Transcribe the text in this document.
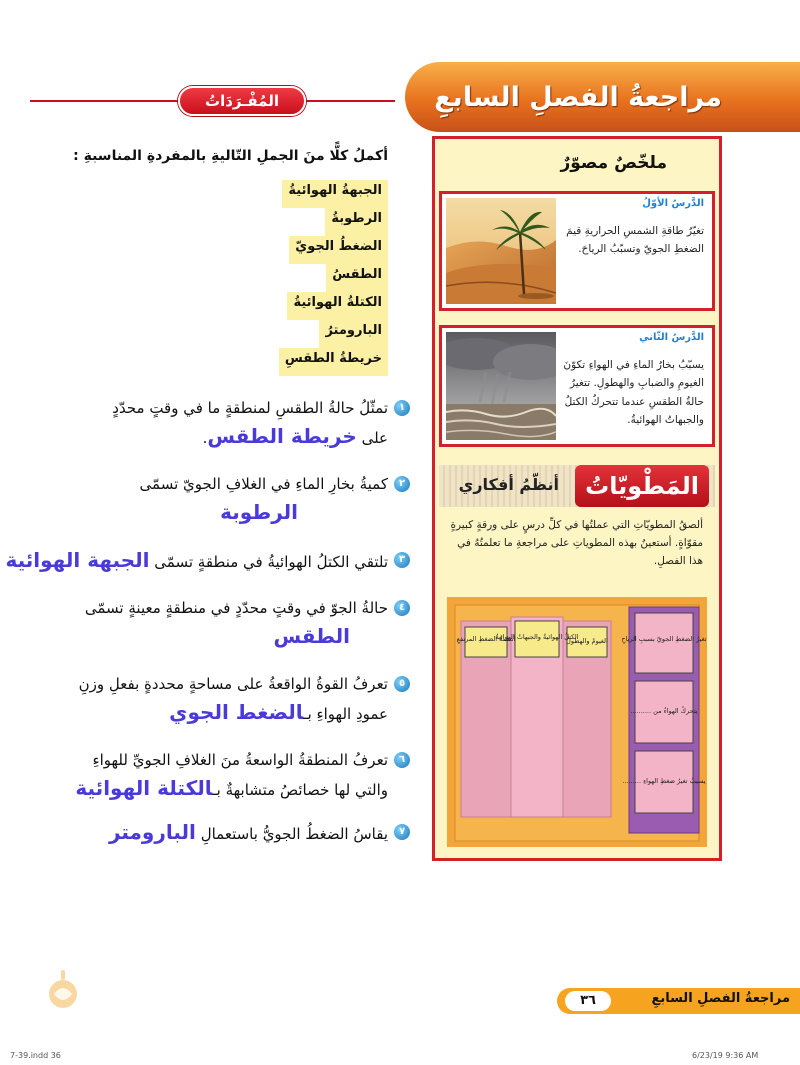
مراجعةُ الفصلِ السابعِ
المُفْـرَدَاتُ
ملخّصٌ مصوّرٌ
الدَّرسُ الأوّلُ
تغيّرُ طاقةِ الشمسِ الحراريةِ قيمَ الضغطِ الجويّ وتسبّبُ الرياحَ.
الدَّرسُ الثّاني
يسبّبُ بخارُ الماءِ في الهواءِ تكوّنَ الغيومِ والضبابِ والهطولِ. تتغيرُ حالةُ الطقسِ عندما تتحركُ الكتلُ والجبهاتُ الهوائيةُ.
المَطْويّاتُ
أنظّمُ أفكاري
ألصقُ المطويّاتِ التي عملتُها في كلِّ درسٍ على ورقةٍ كبيرةٍ مقوّاةٍ. أستعينُ بهذه المطوياتِ على مراجعةِ ما تعلمتُهُ في هذا الفصلِ.
أنظمةُ الضغطِ المرتفعِ
الكتلُ الهوائيةُ والجبهاتُ الهوائيةُ
الغيومُ والهطولُ تغيرُ الضغطِ الجويّ بسببِ الرياحِ
يتحركُ الهواءُ من ..........
يسببُ تغيرُ ضغطِ الهواءِ .........
أكملُ كلًّا منَ الجملِ التّاليةِ بالمفردةِ المناسبةِ :
الجبهةُ الهوائيةُ
الرطوبةُ
الضغطُ الجويّ
الطقسُ
الكتلةُ الهوائيةُ
البارومترُ
خريطةُ الطقسِ
١
تمثّلُ حالةُ الطقسِ لمنطقةٍ ما في وقتٍ محدّدٍ
على خريطة الطقس.
٢
كميةُ بخارِ الماءِ في الغلافِ الجويّ تسمّى
الرطوبة
٣
تلتقي الكتلُ الهوائيةُ في منطقةٍ تسمّى الجبهة الهوائية
٤
حالةُ الجوّ في وقتٍ محدّدٍ في منطقةٍ معينةٍ تسمّى
الطقس
٥
تعرفُ القوةُ الواقعةُ على مساحةٍ محددةٍ بفعلِ وزنِ
عمودِ الهواءِ بـالضغط الجوي
٦
تعرفُ المنطقةُ الواسعةُ منَ الغلافِ الجويِّ للهواءِ
والتي لها خصائصُ متشابهةٌ بـالكتلة الهوائية
٧
يقاسُ الضغطُ الجويُّ باستعمالِ البارومتر
مراجعةُ الفصلِ السابعِ
٣٦
7-39.indd 36	6/23/19 9:36 AM
